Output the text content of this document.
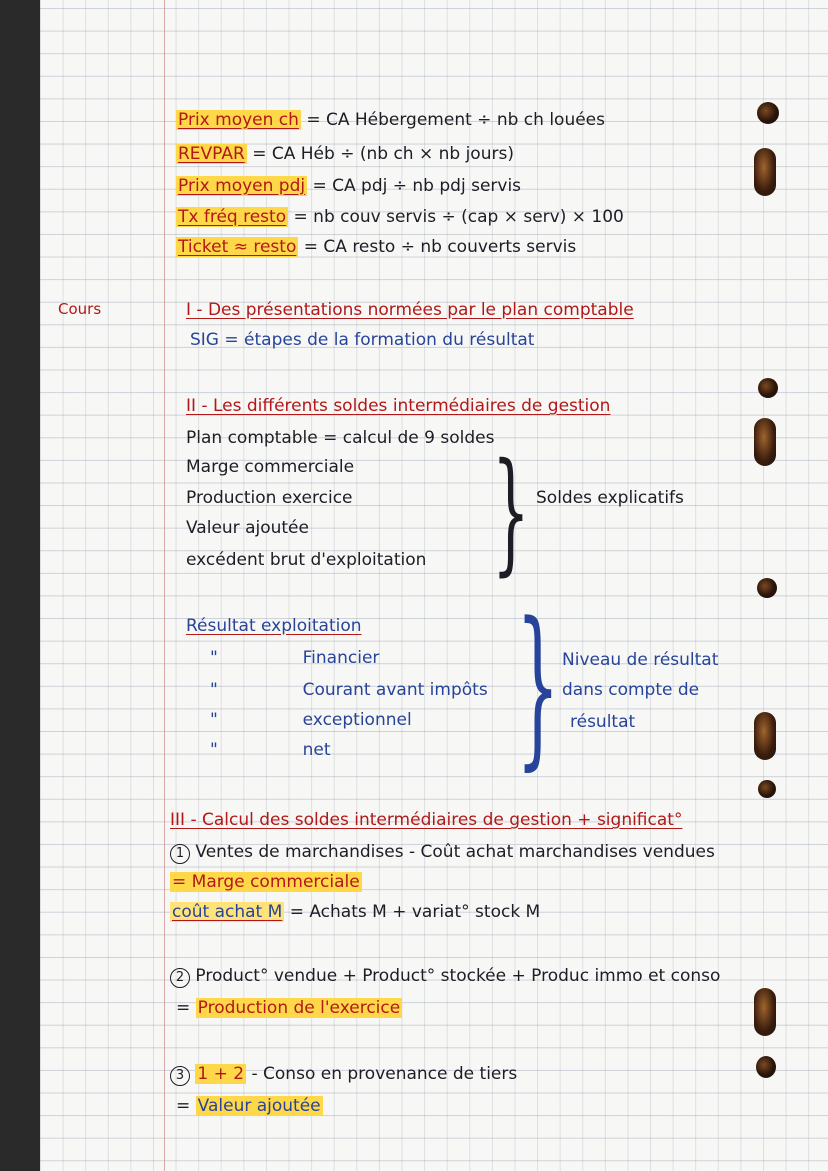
Prix moyen ch = CA Hébergement ÷ nb ch louées
REVPAR = CA Héb ÷ (nb ch × nb jours)
Prix moyen pdj = CA pdj ÷ nb pdj servis
Tx fréq resto = nb couv servis ÷ (cap × serv) × 100
Ticket ≈ resto = CA resto ÷ nb couverts servis
Cours	I - Des présentations normées par le plan comptable
SIG = étapes de la formation du résultat
II - Les différents soldes intermédiaires de gestion
Plan comptable = calcul de 9 soldes
Marge commerciale
Production exercice
Valeur ajoutée
excédent brut d'exploitation } Soldes explicatifs
Résultat exploitation
"	Financier
"	Courant avant impôts
"	exceptionnel
"	net } Niveau de résultat
dans compte de
résultat
III - Calcul des soldes intermédiaires de gestion + significat°
1 Ventes de marchandises - Coût achat marchandises vendues
= Marge commerciale
coût achat M = Achats M + variat° stock M
2 Product° vendue + Product° stockée + Produc immo et conso
= Production de l'exercice
3 1 + 2 - Conso en provenance de tiers
= Valeur ajoutée
